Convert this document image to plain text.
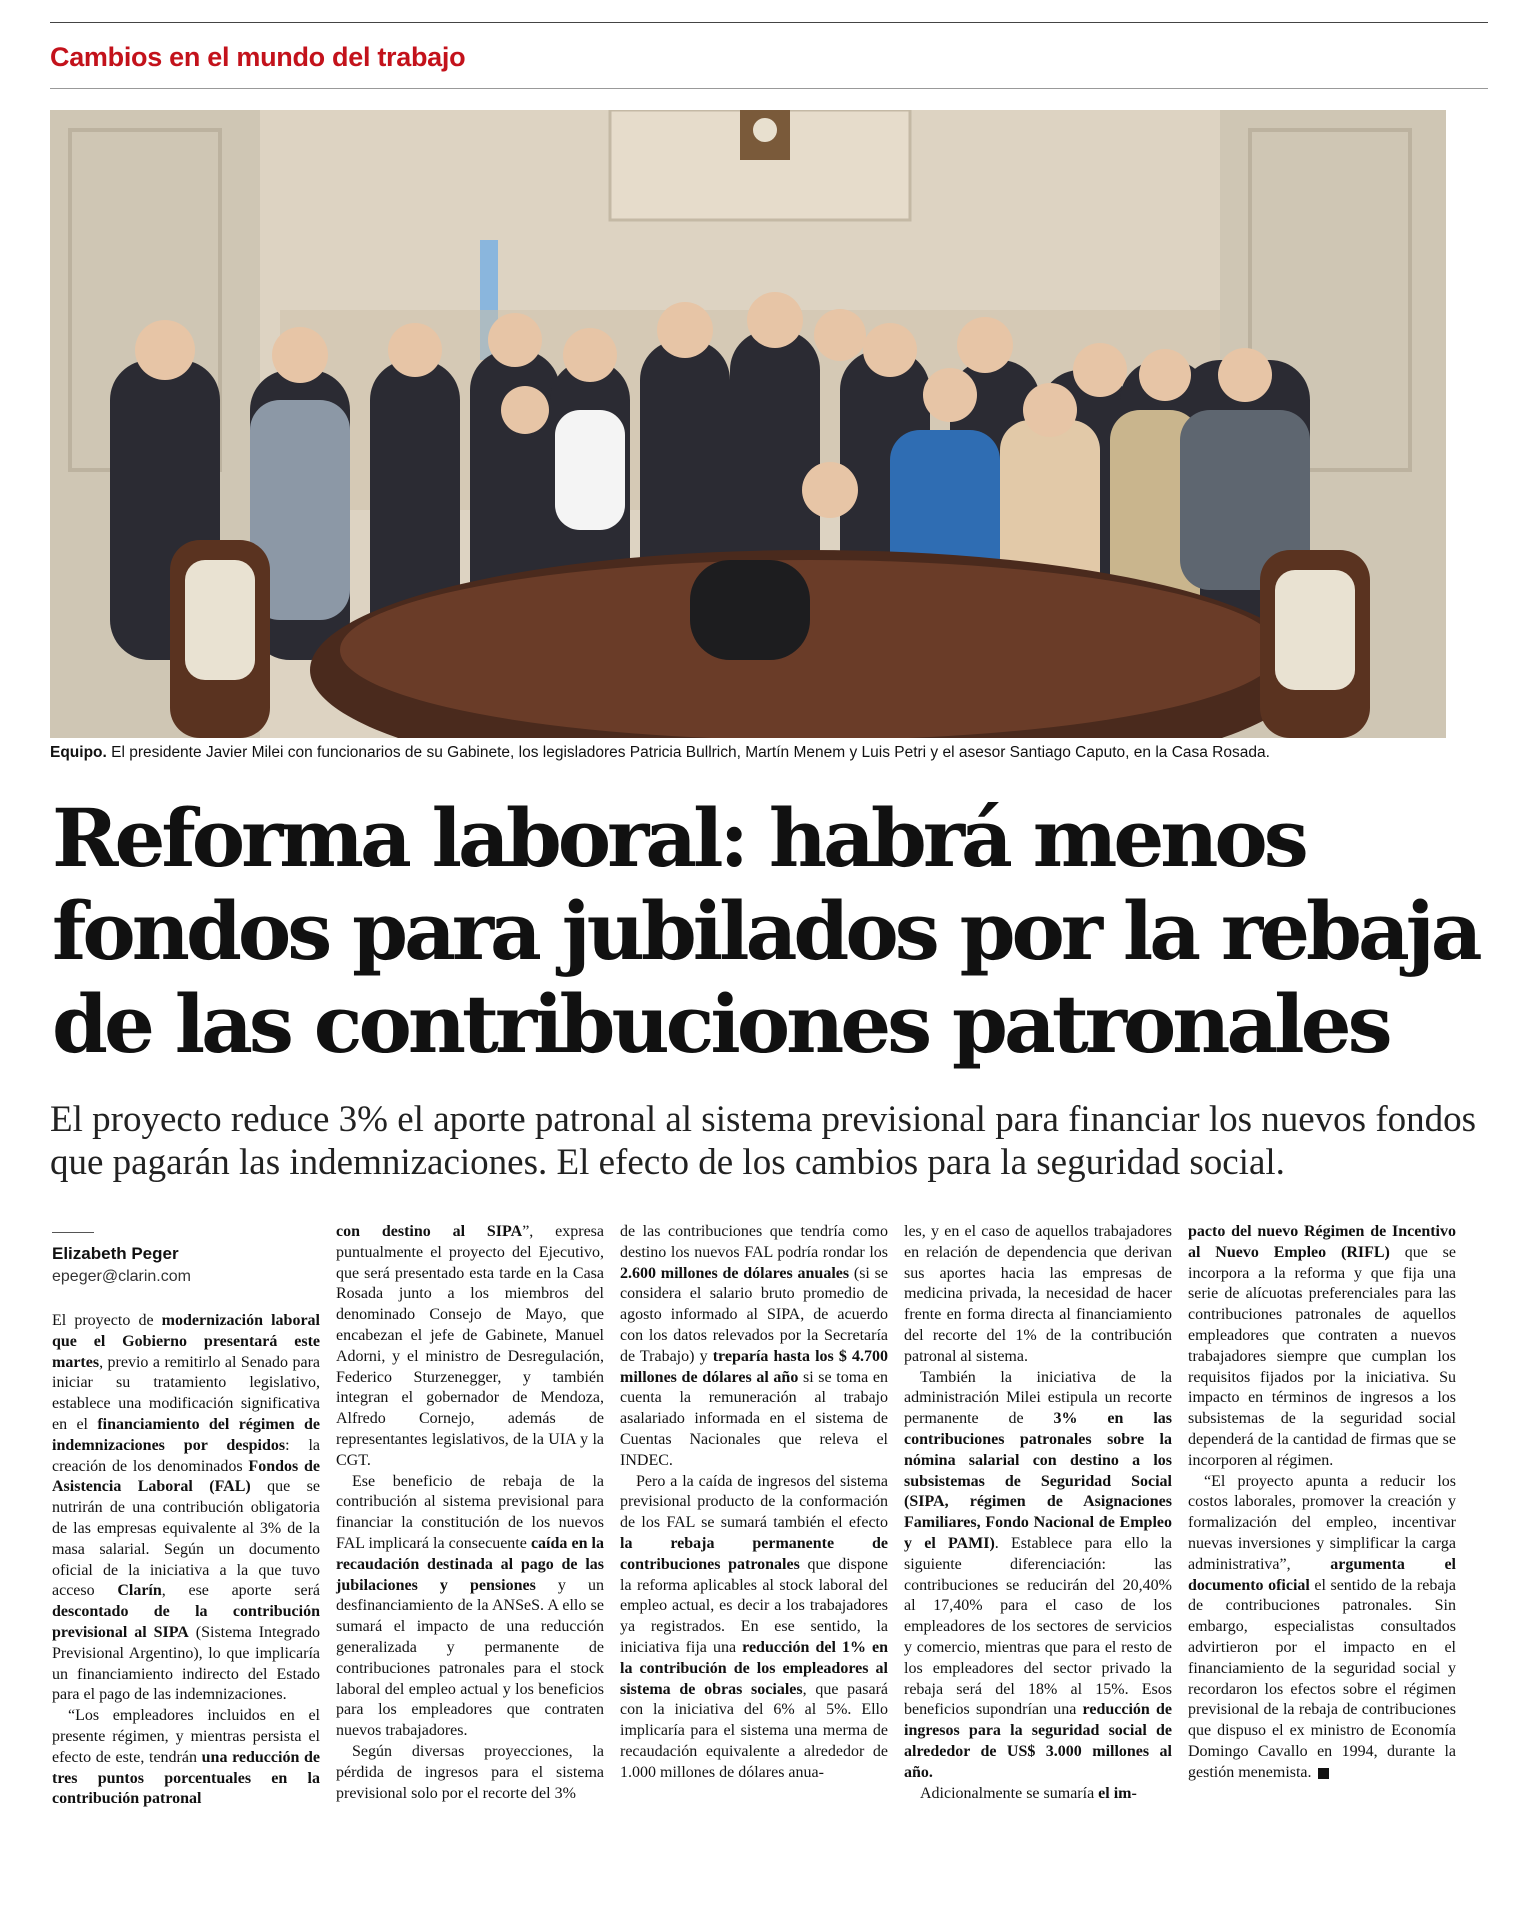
Cambios en el mundo del trabajo
Equipo. El presidente Javier Milei con funcionarios de su Gabinete, los legisladores Patricia Bullrich, Martín Menem y Luis Petri y el asesor Santiago Caputo, en la Casa Rosada.
Reforma laboral: habrá menos
fondos para jubilados por la rebaja
de las contribuciones patronales

El proyecto reduce 3% el aporte patronal al sistema previsional para financiar los nuevos fondos
que pagarán las indemnizaciones. El efecto de los cambios para la seguridad social.

Elizabeth Peger
epeger@clarin.com

El proyecto de modernización laboral que el Gobierno presentará este martes, previo a remitirlo al Senado para iniciar su tratamiento legislativo, establece una modificación significativa en el financiamiento del régimen de indemnizaciones por despidos: la creación de los denominados Fondos de Asistencia Laboral (FAL) que se nutrirán de una contribución obligatoria de las empresas equivalente al 3% de la masa salarial. Según un documento oficial de la iniciativa a la que tuvo acceso Clarín, ese aporte será descontado de la contribución previsional al SIPA (Sistema Integrado Previsional Argentino), lo que implicaría un financiamiento indirecto del Estado para el pago de las indemnizaciones.

“Los empleadores incluidos en el presente régimen, y mientras persista el efecto de este, tendrán una reducción de tres puntos porcentuales en la contribución patronal

con destino al SIPA”, expresa puntualmente el proyecto del Ejecutivo, que será presentado esta tarde en la Casa Rosada junto a los miembros del denominado Consejo de Mayo, que encabezan el jefe de Gabinete, Manuel Adorni, y el ministro de Desregulación, Federico Sturzenegger, y también integran el gobernador de Mendoza, Alfredo Cornejo, además de representantes legislativos, de la UIA y la CGT.

Ese beneficio de rebaja de la contribución al sistema previsional para financiar la constitución de los nuevos FAL implicará la consecuente caída en la recaudación destinada al pago de las jubilaciones y pensiones y un desfinanciamiento de la ANSeS. A ello se sumará el impacto de una reducción generalizada y permanente de contribuciones patronales para el stock laboral del empleo actual y los beneficios para los empleadores que contraten nuevos trabajadores.

Según diversas proyecciones, la pérdida de ingresos para el sistema previsional solo por el recorte del 3%

de las contribuciones que tendría como destino los nuevos FAL podría rondar los 2.600 millones de dólares anuales (si se considera el salario bruto promedio de agosto informado al SIPA, de acuerdo con los datos relevados por la Secretaría de Trabajo) y treparía hasta los $ 4.700 millones de dólares al año si se toma en cuenta la remuneración al trabajo asalariado informada en el sistema de Cuentas Nacionales que releva el INDEC.

Pero a la caída de ingresos del sistema previsional producto de la conformación de los FAL se sumará también el efecto la rebaja permanente de contribuciones patronales que dispone la reforma aplicables al stock laboral del empleo actual, es decir a los trabajadores ya registrados. En ese sentido, la iniciativa fija una reducción del 1% en la contribución de los empleadores al sistema de obras sociales, que pasará con la iniciativa del 6% al 5%. Ello implicaría para el sistema una merma de recaudación equivalente a alrededor de 1.000 millones de dólares anua-

les, y en el caso de aquellos trabajadores en relación de dependencia que derivan sus aportes hacia las empresas de medicina privada, la necesidad de hacer frente en forma directa al financiamiento del recorte del 1% de la contribución patronal al sistema.

También la iniciativa de la administración Milei estipula un recorte permanente de 3% en las contribuciones patronales sobre la nómina salarial con destino a los subsistemas de Seguridad Social (SIPA, régimen de Asignaciones Familiares, Fondo Nacional de Empleo y el PAMI). Establece para ello la siguiente diferenciación: las contribuciones se reducirán del 20,40% al 17,40% para el caso de los empleadores de los sectores de servicios y comercio, mientras que para el resto de los empleadores del sector privado la rebaja será del 18% al 15%. Esos beneficios supondrían una reducción de ingresos para la seguridad social de alrededor de US$ 3.000 millones al año.

Adicionalmente se sumaría el im-

pacto del nuevo Régimen de Incentivo al Nuevo Empleo (RIFL) que se incorpora a la reforma y que fija una serie de alícuotas preferenciales para las contribuciones patronales de aquellos empleadores que contraten a nuevos trabajadores siempre que cumplan los requisitos fijados por la iniciativa. Su impacto en términos de ingresos a los subsistemas de la seguridad social dependerá de la cantidad de firmas que se incorporen al régimen.

“El proyecto apunta a reducir los costos laborales, promover la creación y formalización del empleo, incentivar nuevas inversiones y simplificar la carga administrativa”, argumenta el documento oficial el sentido de la rebaja de contribuciones patronales. Sin embargo, especialistas consultados advirtieron por el impacto en el financiamiento de la seguridad social y recordaron los efectos sobre el régimen previsional de la rebaja de contribuciones que dispuso el ex ministro de Economía Domingo Cavallo en 1994, durante la gestión menemista.
